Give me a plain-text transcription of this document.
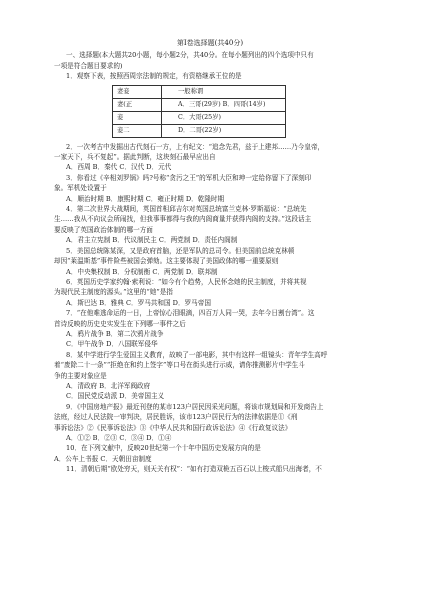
第Ⅰ卷选择题(共40分)

一、选择题(本大题共20小题，每小题2分，共40分。在每小题列出的四个选项中只有

一项是符合题目要求的)

1．观察下表，按照西周宗法制的规定，有资格继承王位的是

妻妾	一般称谓
妻(正	A．三哥(29岁) B．四哥(14岁)
妾	C．大哥(25岁)
妾二	D．二哥(22岁)

2．一次考古中发掘出古代刻石一方，上有纪文：“追念先君，兹于上建邦……乃今皇帝，

一家天下，兵不复起”。据此判断，这块刻石最早应出自

A．西周 B．秦代 C．汉代 D．元代

3．你看过《辛相刘罗锅》吗?号称“贪污之王”的军机大臣和珅一定给你留下了深刻印

象。军机处设置于

A．顺治时期 B．康熙时期 C．雍正时期 D．乾隆时期

4．第二次世界大战期间，英国首相邱吉尔对英国总统富兰克林·罗斯福说：“总统先

生……我从不向议会所闹找，但我事事都得与我的内阁商量并获得内阁的支持。”这段话主

要反映了英国政治体制的哪一方面

A．君主立宪制 B．代议制民主 C．两党制 D．责任内阁制

5．美国总统陈某深，又是政府首脑，还是军队的总司令。但美国前总统克林顿

却因“莱温斯基”事件险些被国会弹劾。这主要体现了美国政体的哪一重要原则

A．中央集权制 B．分权制衡 C．两党制 D．联邦制

6．英国历史学家约翰·索利说：“如今有个趋势，人民怀念她的民主制度，并将其视

为现代民主制度的源头。”这里的“她”是指

A．斯巴达 B．雅典 C．罗马共和国 D．罗马帝国

7．“在他难逃命运的一日，上帝惊心泪眼滴，四百万人同一哭，去年今日割台湾”。这

首诗反映的历史史实发生在下列哪一事件之后

A．鸦片战争 B．第二次鸦片战争

C．甲午战争 D．八国联军侵华

8．某中学进行学生爱国主义教育，故映了一部电影，其中有这样一组镜头：青年学生高呼

着“废除二十一条”“拒绝在和约上签字”等口号在街头进行示威，请你推测影片中学生斗

争的主要对象应是

A．清政府 B．北洋军阀政府

C．国民党反动派 D．美帝国主义

9．《中国房地产报》最近刊登的某市123户居民因采光问题，将该市规划局和开发商告上

法庭，经过人民法院一审判决，居民胜诉，该市123户居民行为的法律依据是①《刑

事诉讼法》②《民事诉讼法》③《中华人民共和国行政诉讼法》④《行政复议法》

A．①② B．②③ C．③④ D．①④

10．在下列文献中，反映20世纪第一个十年中国历史发展方向的是

A．公车上书报 C．天朝田亩制度

11．清朝后期“欧处穷天，则天关有权”：“如有打造双桅五百石以上梭式船只出海者，不
